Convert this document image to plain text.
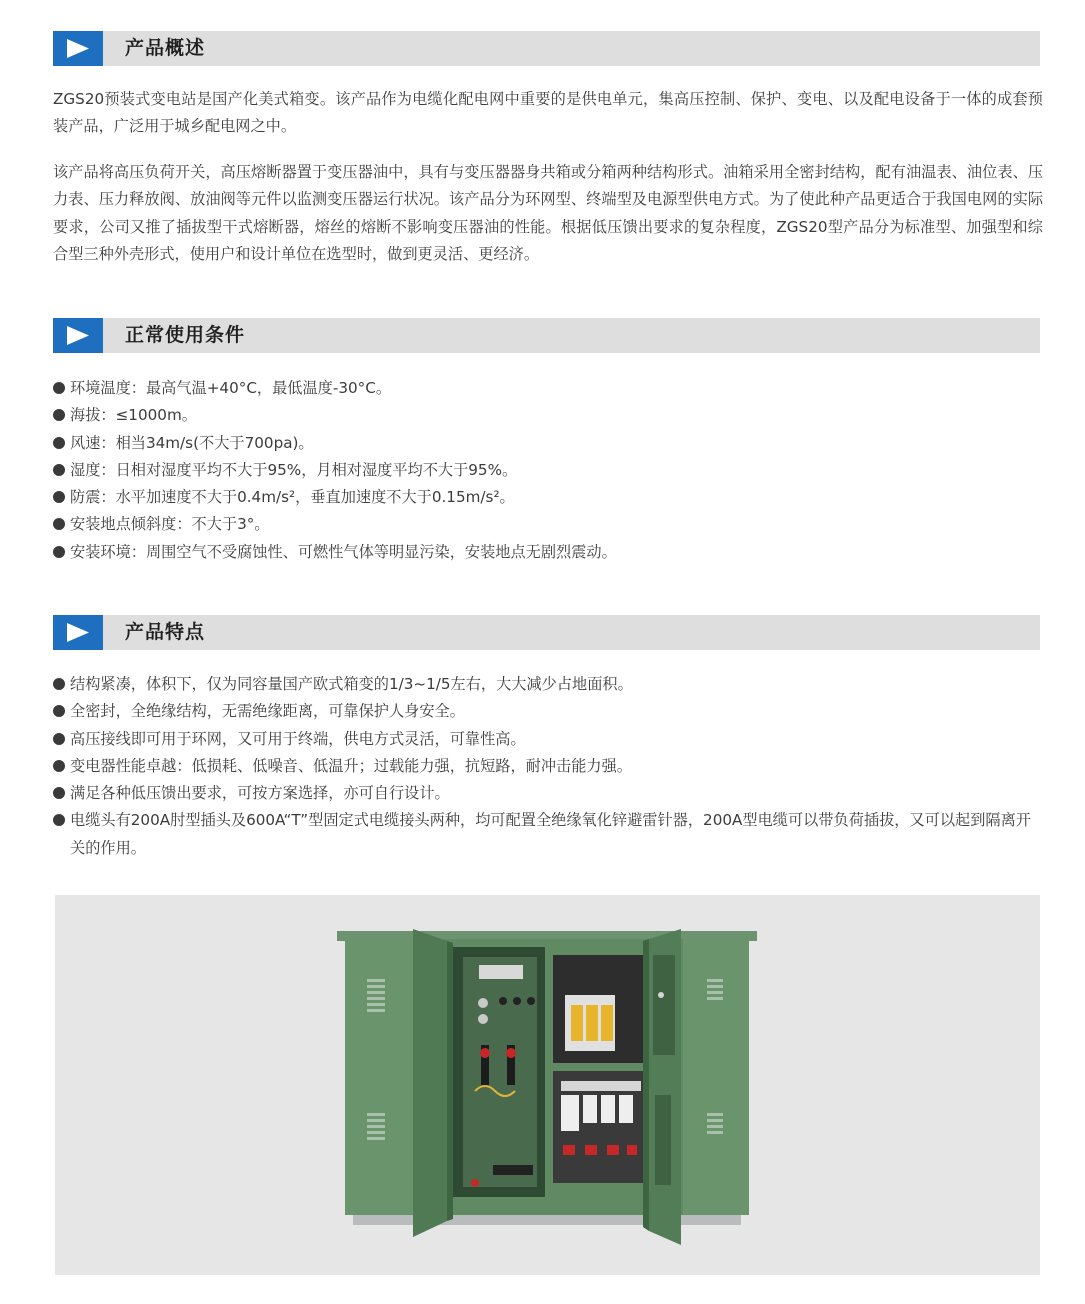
产品概述

ZGS20预装式变电站是国产化美式箱变。该产品作为电缆化配电网中重要的是供电单元，集高压控制、保护、变电、以及配电设备于一体的成套预装产品，广泛用于城乡配电网之中。

该产品将高压负荷开关，高压熔断器置于变压器油中，具有与变压器器身共箱或分箱两种结构形式。油箱采用全密封结构，配有油温表、油位表、压力表、压力释放阀、放油阀等元件以监测变压器运行状况。该产品分为环网型、终端型及电源型供电方式。为了使此种产品更适合于我国电网的实际要求，公司又推了插拔型干式熔断器，熔丝的熔断不影响变压器油的性能。根据低压馈出要求的复杂程度，ZGS20型产品分为标准型、加强型和综合型三种外壳形式，使用户和设计单位在选型时，做到更灵活、更经济。

正常使用条件
环境温度：最高气温+40°C，最低温度-30°C。
海拔：≤1000m。
风速：相当34m/s(不大于700pa)。
湿度：日相对湿度平均不大于95%，月相对湿度平均不大于95%。
防震：水平加速度不大于0.4m/s²，垂直加速度不大于0.15m/s²。
安装地点倾斜度：不大于3°。
安装环境：周围空气不受腐蚀性、可燃性气体等明显污染，安装地点无剧烈震动。
产品特点
结构紧凑，体积下，仅为同容量国产欧式箱变的1/3~1/5左右，大大减少占地面积。
全密封，全绝缘结构，无需绝缘距离，可靠保护人身安全。
高压接线即可用于环网，又可用于终端，供电方式灵活，可靠性高。
变电器性能卓越：低损耗、低噪音、低温升；过载能力强，抗短路，耐冲击能力强。
满足各种低压馈出要求，可按方案选择，亦可自行设计。
电缆头有200A肘型插头及600A“T”型固定式电缆接头两种，均可配置全绝缘氧化锌避雷针器，200A型电缆可以带负荷插拔，又可以起到隔离开关的作用。
